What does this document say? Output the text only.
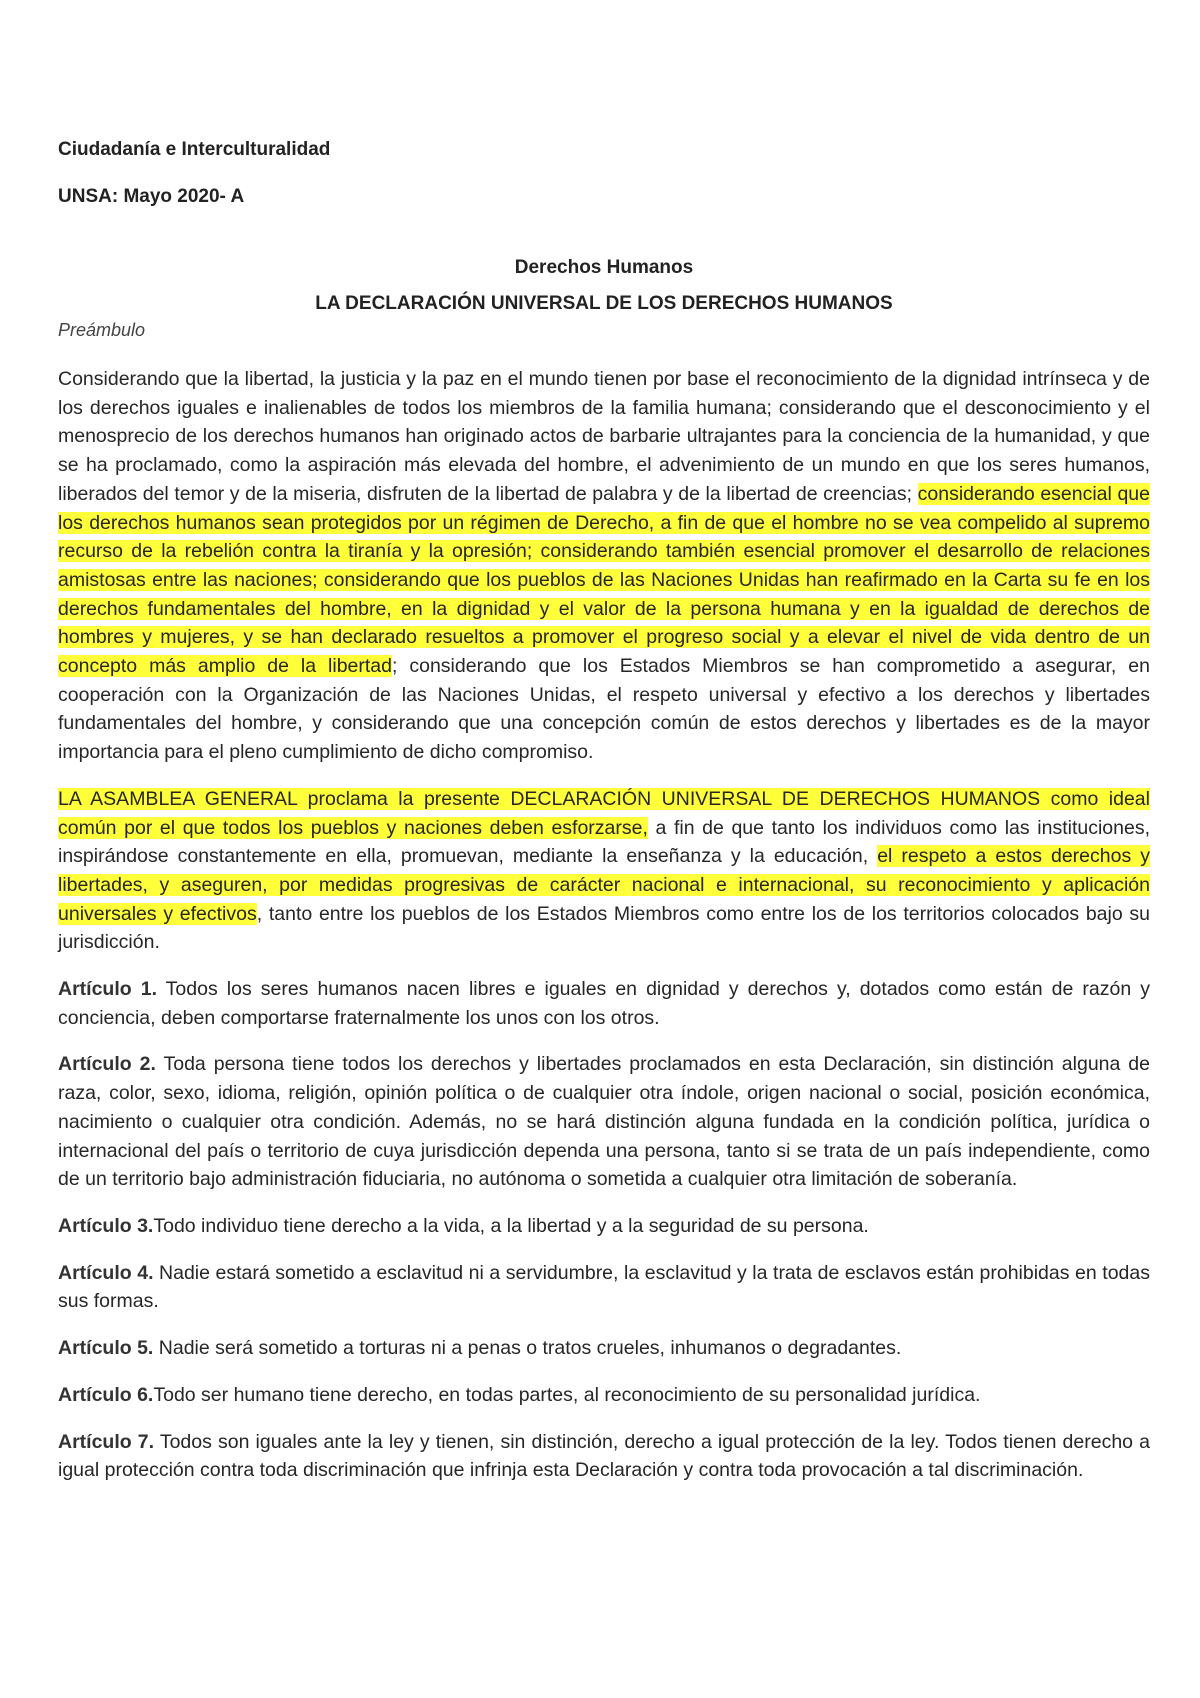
Ciudadanía e Interculturalidad

UNSA: Mayo 2020- A

Derechos Humanos

LA DECLARACIÓN UNIVERSAL DE LOS DERECHOS HUMANOS

Preámbulo

Considerando que la libertad, la justicia y la paz en el mundo tienen por base el reconocimiento de la dignidad intrínseca y de los derechos iguales e inalienables de todos los miembros de la familia humana; considerando que el desconocimiento y el menosprecio de los derechos humanos han originado actos de barbarie ultrajantes para la conciencia de la humanidad, y que se ha proclamado, como la aspiración más elevada del hombre, el advenimiento de un mundo en que los seres humanos, liberados del temor y de la miseria, disfruten de la libertad de palabra y de la libertad de creencias; considerando esencial que los derechos humanos sean protegidos por un régimen de Derecho, a fin de que el hombre no se vea compelido al supremo recurso de la rebelión contra la tiranía y la opresión; considerando también esencial promover el desarrollo de relaciones amistosas entre las naciones; considerando que los pueblos de las Naciones Unidas han reafirmado en la Carta su fe en los derechos fundamentales del hombre, en la dignidad y el valor de la persona humana y en la igualdad de derechos de hombres y mujeres, y se han declarado resueltos a promover el progreso social y a elevar el nivel de vida dentro de un concepto más amplio de la libertad; considerando que los Estados Miembros se han comprometido a asegurar, en cooperación con la Organización de las Naciones Unidas, el respeto universal y efectivo a los derechos y libertades fundamentales del hombre, y considerando que una concepción común de estos derechos y libertades es de la mayor importancia para el pleno cumplimiento de dicho compromiso.

LA ASAMBLEA GENERAL proclama la presente DECLARACIÓN UNIVERSAL DE DERECHOS HUMANOS como ideal común por el que todos los pueblos y naciones deben esforzarse, a fin de que tanto los individuos como las instituciones, inspirándose constantemente en ella, promuevan, mediante la enseñanza y la educación, el respeto a estos derechos y libertades, y aseguren, por medidas progresivas de carácter nacional e internacional, su reconocimiento y aplicación universales y efectivos, tanto entre los pueblos de los Estados Miembros como entre los de los territorios colocados bajo su jurisdicción.

Artículo 1. Todos los seres humanos nacen libres e iguales en dignidad y derechos y, dotados como están de razón y conciencia, deben comportarse fraternalmente los unos con los otros.

Artículo 2. Toda persona tiene todos los derechos y libertades proclamados en esta Declaración, sin distinción alguna de raza, color, sexo, idioma, religión, opinión política o de cualquier otra índole, origen nacional o social, posición económica, nacimiento o cualquier otra condición. Además, no se hará distinción alguna fundada en la condición política, jurídica o internacional del país o territorio de cuya jurisdicción dependa una persona, tanto si se trata de un país independiente, como de un territorio bajo administración fiduciaria, no autónoma o sometida a cualquier otra limitación de soberanía.

Artículo 3.Todo individuo tiene derecho a la vida, a la libertad y a la seguridad de su persona.

Artículo 4. Nadie estará sometido a esclavitud ni a servidumbre, la esclavitud y la trata de esclavos están prohibidas en todas sus formas.

Artículo 5. Nadie será sometido a torturas ni a penas o tratos crueles, inhumanos o degradantes.

Artículo 6.Todo ser humano tiene derecho, en todas partes, al reconocimiento de su personalidad jurídica.

Artículo 7. Todos son iguales ante la ley y tienen, sin distinción, derecho a igual protección de la ley. Todos tienen derecho a igual protección contra toda discriminación que infrinja esta Declaración y contra toda provocación a tal discriminación.
